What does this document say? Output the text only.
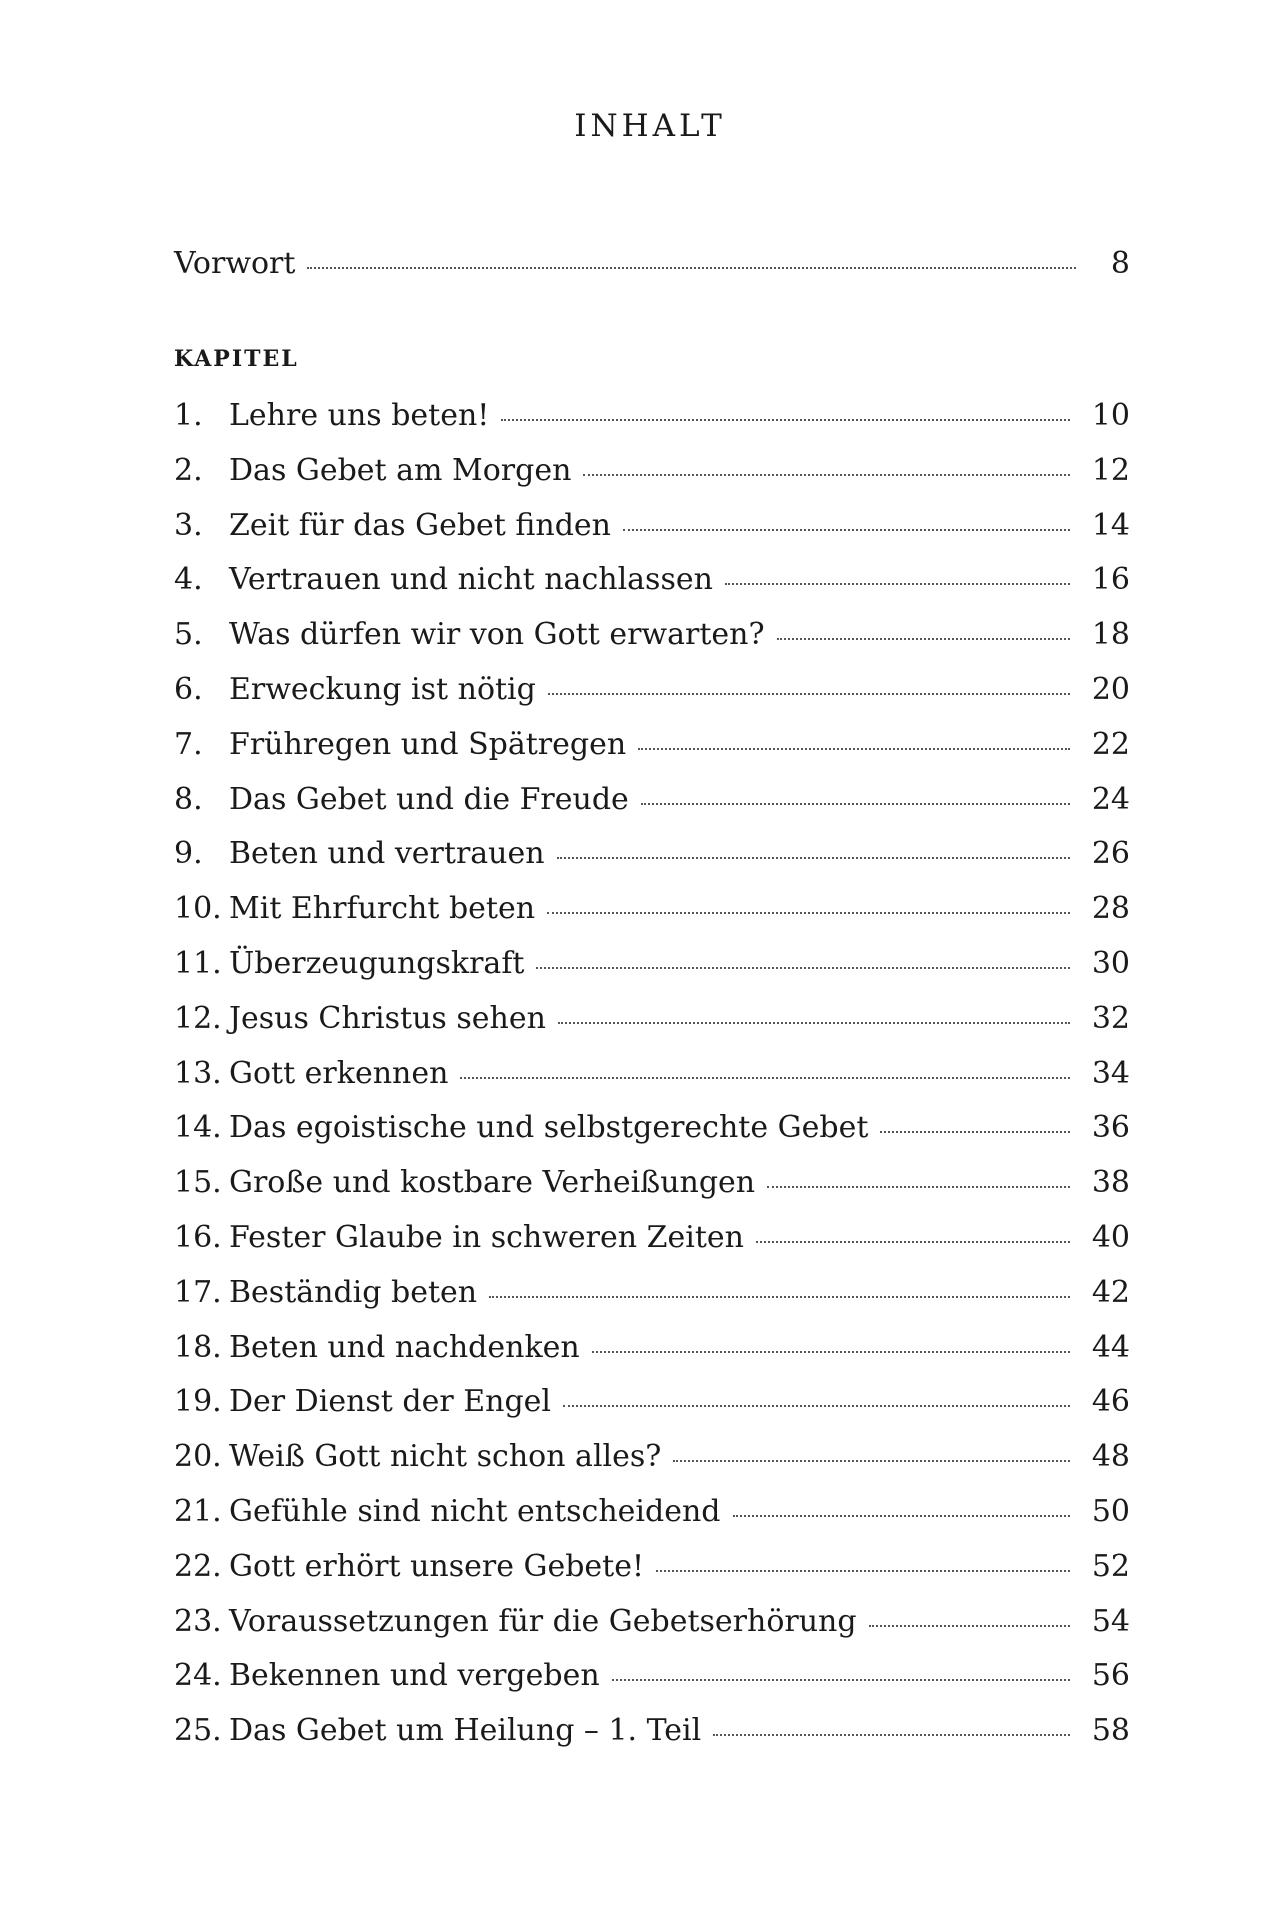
INHALT
Vorwort	8
KAPITEL
1. Lehre uns beten!	10
2. Das Gebet am Morgen	12
3. Zeit für das Gebet finden	14
4. Vertrauen und nicht nachlassen	16
5. Was dürfen wir von Gott erwarten?	18
6. Erweckung ist nötig	20
7. Frühregen und Spätregen	22
8. Das Gebet und die Freude	24
9. Beten und vertrauen	26
10. Mit Ehrfurcht beten	28
11. Überzeugungskraft	30
12. Jesus Christus sehen	32
13. Gott erkennen	34
14. Das egoistische und selbstgerechte Gebet	36
15. Große und kostbare Verheißungen	38
16. Fester Glaube in schweren Zeiten	40
17. Beständig beten	42
18. Beten und nachdenken	44
19. Der Dienst der Engel	46
20. Weiß Gott nicht schon alles?	48
21. Gefühle sind nicht entscheidend	50
22. Gott erhört unsere Gebete!	52
23. Voraussetzungen für die Gebetserhörung	54
24. Bekennen und vergeben	56
25. Das Gebet um Heilung – 1. Teil	58
